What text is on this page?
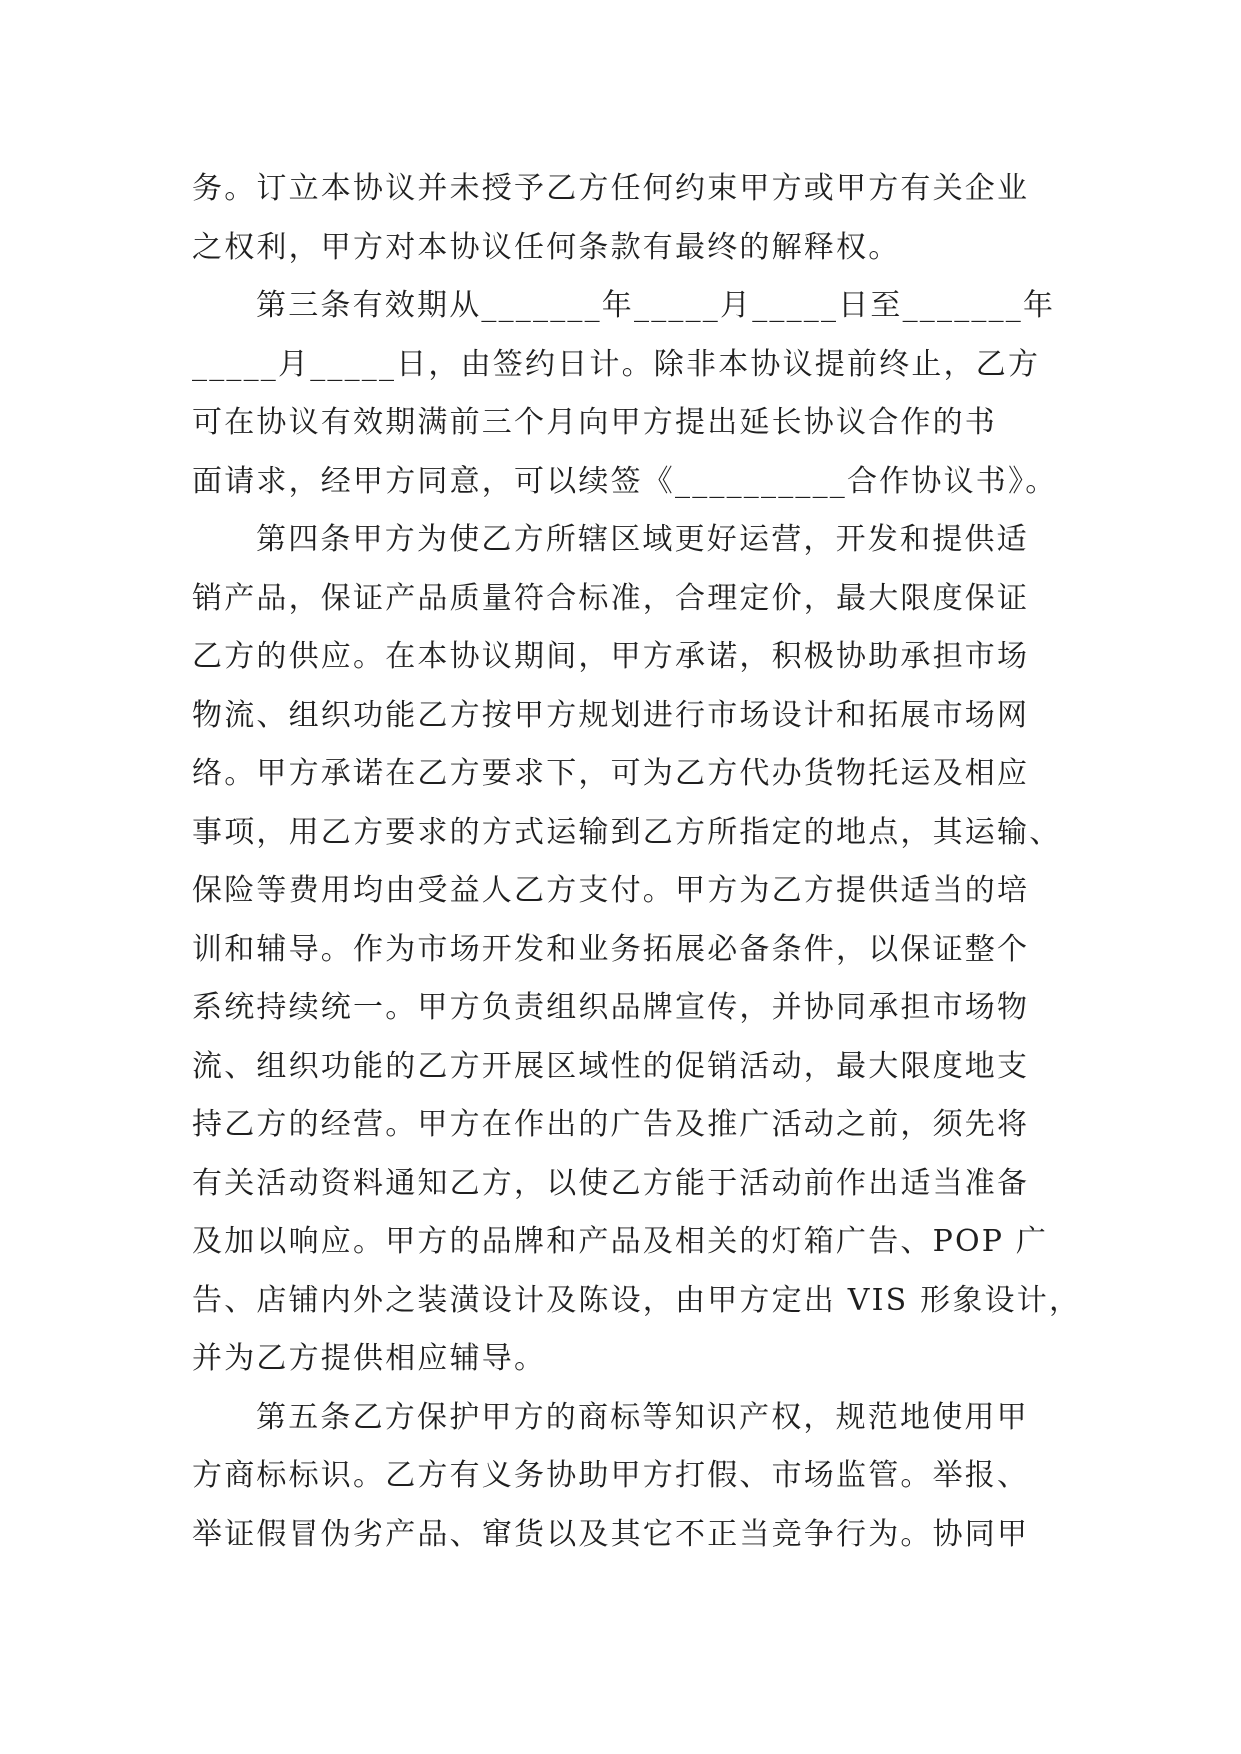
务。订立本协议并未授予乙方任何约束甲方或甲方有关企业
之权利，甲方对本协议任何条款有最终的解释权。
第三条有效期从_______年_____月_____日至_______年
_____月_____日，由签约日计。除非本协议提前终止，乙方
可在协议有效期满前三个月向甲方提出延长协议合作的书
面请求，经甲方同意，可以续签《__________合作协议书》。
第四条甲方为使乙方所辖区域更好运营，开发和提供适
销产品，保证产品质量符合标准，合理定价，最大限度保证
乙方的供应。在本协议期间，甲方承诺，积极协助承担市场
物流、组织功能乙方按甲方规划进行市场设计和拓展市场网
络。甲方承诺在乙方要求下，可为乙方代办货物托运及相应
事项，用乙方要求的方式运输到乙方所指定的地点，其运输、
保险等费用均由受益人乙方支付。甲方为乙方提供适当的培
训和辅导。作为市场开发和业务拓展必备条件，以保证整个
系统持续统一。甲方负责组织品牌宣传，并协同承担市场物
流、组织功能的乙方开展区域性的促销活动，最大限度地支
持乙方的经营。甲方在作出的广告及推广活动之前，须先将
有关活动资料通知乙方，以使乙方能于活动前作出适当准备
及加以响应。甲方的品牌和产品及相关的灯箱广告、POP 广
告、店铺内外之装潢设计及陈设，由甲方定出 VIS 形象设计，
并为乙方提供相应辅导。
第五条乙方保护甲方的商标等知识产权，规范地使用甲
方商标标识。乙方有义务协助甲方打假、市场监管。举报、
举证假冒伪劣产品、窜货以及其它不正当竞争行为。协同甲
